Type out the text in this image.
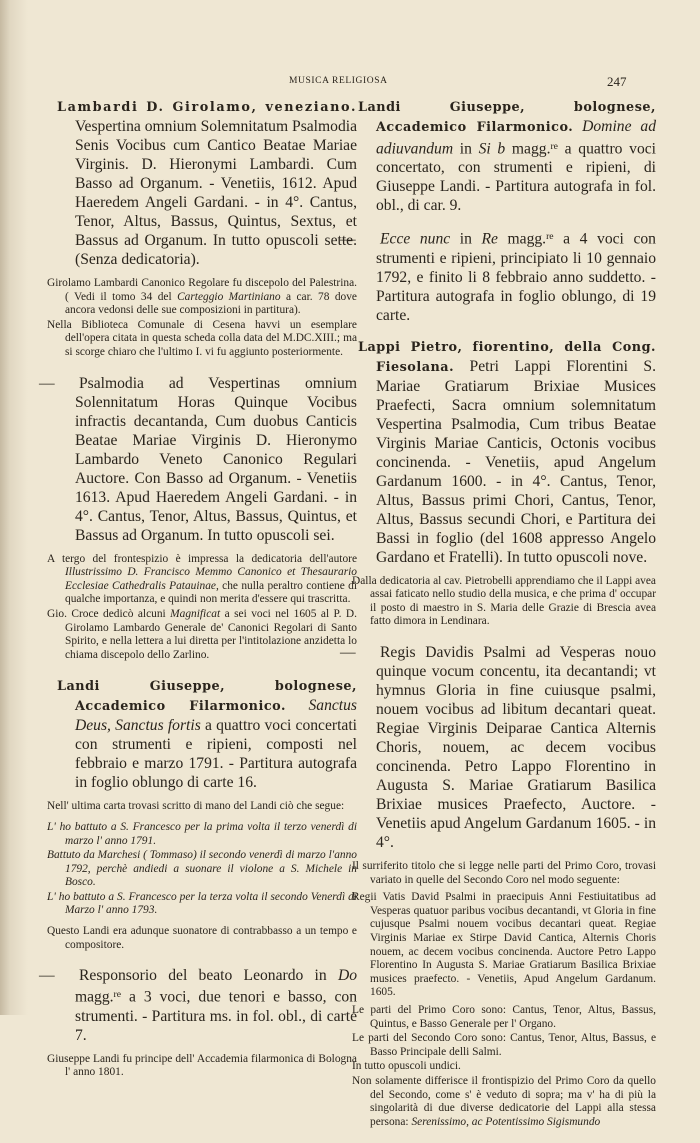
MUSICA RELIGIOSA	247

Lambardi D. Girolamo, veneziano. Vespertina omnium Solemnitatum Psalmodia Senis Vocibus cum Cantico Beatae Mariae Virginis. D. Hieronymi Lambardi. Cum Basso ad Organum. - Venetiis, 1612. Apud Haeredem Angeli Gardani. - in 4°. Cantus, Tenor, Altus, Bassus, Quintus, Sextus, et Bassus ad Organum. In tutto opuscoli sette. (Senza dedicatoria).

Girolamo Lambardi Canonico Regolare fu discepolo del Palestrina. ( Vedi il tomo 34 del Carteggio Martiniano a car. 78 dove ancora vedonsi delle sue composizioni in partitura).

Nella Biblioteca Comunale di Cesena havvi un esemplare dell'opera citata in questa scheda colla data del M.DC.XIII.; ma si scorge chiaro che l'ultimo I. vi fu aggiunto posteriormente.

—Psalmodia ad Vespertinas omnium Solennitatum Horas Quinque Vocibus infractis decantanda, Cum duobus Canticis Beatae Mariae Virginis D. Hieronymo Lambardo Veneto Canonico Regulari Auctore. Con Basso ad Organum. - Venetiis 1613. Apud Haeredem Angeli Gardani. - in 4°. Cantus, Tenor, Altus, Bassus, Quintus, et Bassus ad Organum. In tutto opuscoli sei.

A tergo del frontespizio è impressa la dedicatoria dell'autore Illustrissimo D. Francisco Memmo Canonico et Thesaurario Ecclesiae Cathedralis Patauinae, che nulla peraltro contiene di qualche importanza, e quindi non merita d'essere qui trascritta.

Gio. Croce dedicò alcuni Magnificat a sei voci nel 1605 al P. D. Girolamo Lambardo Generale de' Canonici Regolari di Santo Spirito, e nella lettera a lui diretta per l'intitolazione anzidetta lo chiama discepolo dello Zarlino.

Landi Giuseppe, bolognese, Accademico Filarmonico. Sanctus Deus, Sanctus fortis a quattro voci concertati con strumenti e ripieni, composti nel febbraio e marzo 1791. - Partitura autografa in foglio oblungo di carte 16.

Nell' ultima carta trovasi scritto di mano del Landi ciò che segue:

L' ho battuto a S. Francesco per la prima volta il terzo venerdì di marzo l' anno 1791.

Battuto da Marchesi ( Tommaso) il secondo venerdì di marzo l'anno 1792, perchè andiedi a suonare il violone a S. Michele in Bosco.

L' ho battuto a S. Francesco per la terza volta il secondo Venerdì di Marzo l' anno 1793.

Questo Landi era adunque suonatore di contrabbasso a un tempo e compositore.

—Responsorio del beato Leonardo in Do magg.$^{re}$ a 3 voci, due tenori e basso, con strumenti. - Partitura ms. in fol. obl., di carte 7.

Giuseppe Landi fu principe dell' Accademia filarmonica di Bologna l' anno 1801.

Landi Giuseppe, bolognese, Accademico Filarmonico. Domine ad adiuvandum in Si b magg.$^{re}$ a quattro voci concertato, con strumenti e ripieni, di Giuseppe Landi. - Partitura autografa in fol. obl., di car. 9.

—Ecce nunc in Re magg.$^{re}$ a 4 voci con strumenti e ripieni, principiato li 10 gennaio 1792, e finito li 8 febbraio anno suddetto. - Partitura autografa in foglio oblungo, di 19 carte.

Lappi Pietro, fiorentino, della Cong. Fiesolana. Petri Lappi Florentini S. Mariae Gratiarum Brixiae Musices Praefecti, Sacra omnium solemnitatum Vespertina Psalmodia, Cum tribus Beatae Virginis Mariae Canticis, Octonis vocibus concinenda. - Venetiis, apud Angelum Gardanum 1600. - in 4°. Cantus, Tenor, Altus, Bassus primi Chori, Cantus, Tenor, Altus, Bassus secundi Chori, e Partitura dei Bassi in foglio (del 1608 appresso Angelo Gardano et Fratelli). In tutto opuscoli nove.

Dalla dedicatoria al cav. Pietrobelli apprendiamo che il Lappi avea assai faticato nello studio della musica, e che prima d' occupar il posto di maestro in S. Maria delle Grazie di Brescia avea fatto dimora in Lendinara.

—Regis Davidis Psalmi ad Vesperas nouo quinque vocum concentu, ita decantandi; vt hymnus Gloria in fine cuiusque psalmi, nouem vocibus ad libitum decantari queat. Regiae Virginis Deiparae Cantica Alternis Choris, nouem, ac decem vocibus concinenda. Petro Lappo Florentino in Augusta S. Mariae Gratiarum Basilica Brixiae musices Praefecto, Auctore. - Venetiis apud Angelum Gardanum 1605. - in 4°.

Il surriferito titolo che si legge nelle parti del Primo Coro, trovasi variato in quelle del Secondo Coro nel modo seguente:

Regii Vatis David Psalmi in praecipuis Anni Festiuitatibus ad Vesperas quatuor paribus vocibus decantandi, vt Gloria in fine cujusque Psalmi nouem vocibus decantari queat. Regiae Virginis Mariae ex Stirpe David Cantica, Alternis Choris nouem, ac decem vocibus concinenda. Auctore Petro Lappo Florentino In Augusta S. Mariae Gratiarum Basilica Brixiae musices praefecto. - Venetiis, Apud Angelum Gardanum. 1605.

Le parti del Primo Coro sono: Cantus, Tenor, Altus, Bassus, Quintus, e Basso Generale per l' Organo.

Le parti del Secondo Coro sono: Cantus, Tenor, Altus, Bassus, e Basso Principale delli Salmi.

In tutto opuscoli undici.

Non solamente differisce il frontispizio del Primo Coro da quello del Secondo, come s' è veduto di sopra; ma v' ha di più la singolarità di due diverse dedicatorie del Lappi alla stessa persona: Serenissimo, ac Potentissimo Sigismundo
